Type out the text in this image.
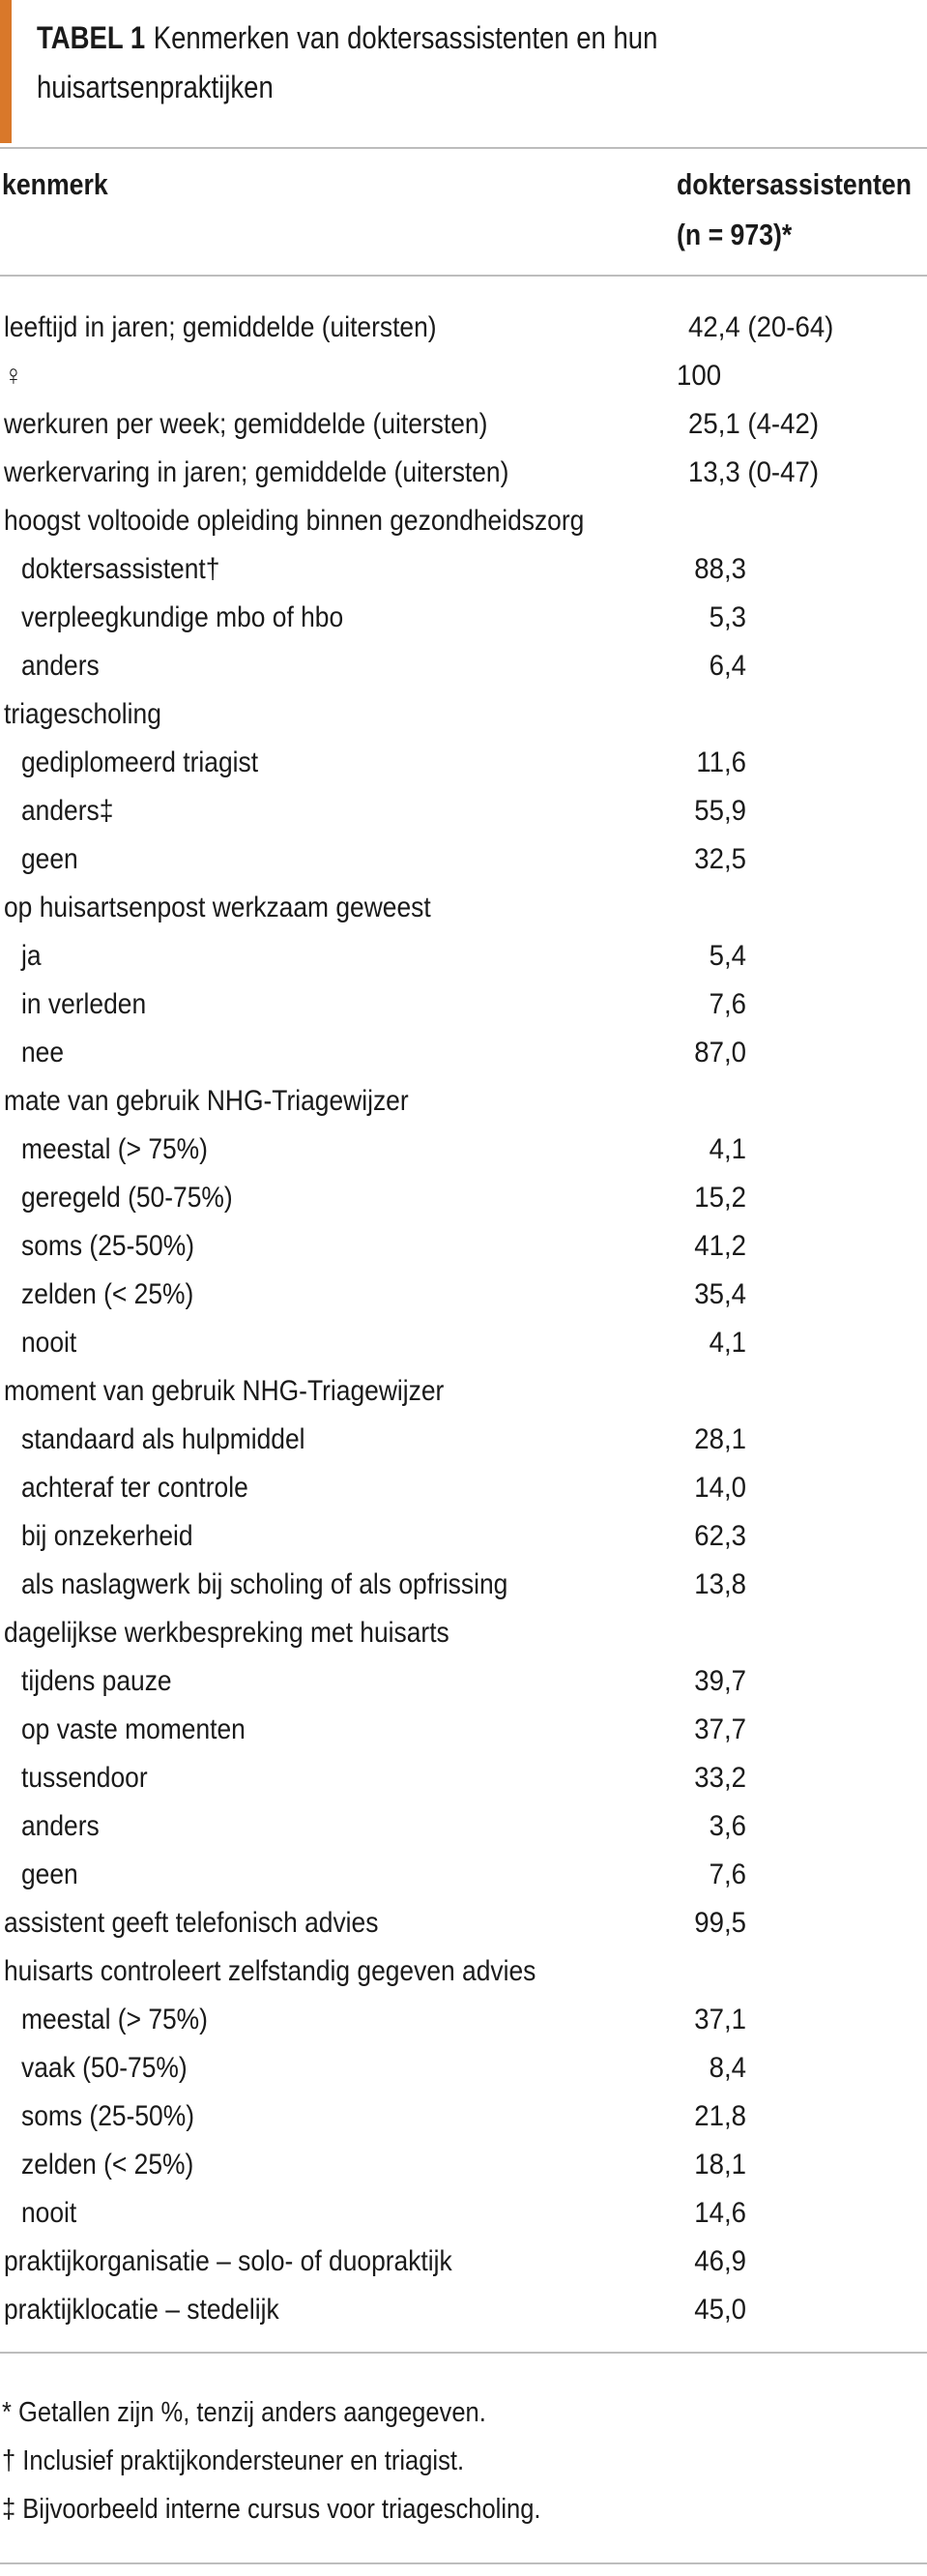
TABEL 1 Kenmerken van doktersassistenten en hun huisartsenpraktijken
kenmerk	doktersassistenten
(n = 973)*
leeftijd in jaren; gemiddelde (uitersten)	42,4 (20-64)
♀	100
werkuren per week; gemiddelde (uitersten)	25,1 (4-42)
werkervaring in jaren; gemiddelde (uitersten)	13,3 (0-47)
hoogst voltooide opleiding binnen gezondheidszorg
doktersassistent†	88,3
verpleegkundige mbo of hbo	5,3
anders	6,4
triagescholing
gediplomeerd triagist	11,6
anders‡	55,9
geen	32,5
op huisartsenpost werkzaam geweest
ja	5,4
in verleden	7,6
nee	87,0
mate van gebruik NHG-Triagewijzer
meestal (> 75%)	4,1
geregeld (50-75%)	15,2
soms (25-50%)	41,2
zelden (< 25%)	35,4
nooit	4,1
moment van gebruik NHG-Triagewijzer
standaard als hulpmiddel	28,1
achteraf ter controle	14,0
bij onzekerheid	62,3
als naslagwerk bij scholing of als opfrissing	13,8
dagelijkse werkbespreking met huisarts
tijdens pauze	39,7
op vaste momenten	37,7
tussendoor	33,2
anders	3,6
geen	7,6
assistent geeft telefonisch advies	99,5
huisarts controleert zelfstandig gegeven advies
meestal (> 75%)	37,1
vaak (50-75%)	8,4
soms (25-50%)	21,8
zelden (< 25%)	18,1
nooit	14,6
praktijkorganisatie – solo- of duopraktijk	46,9
praktijklocatie – stedelijk	45,0
* Getallen zijn %, tenzij anders aangegeven.
† Inclusief praktijkondersteuner en triagist.
‡ Bijvoorbeeld interne cursus voor triagescholing.
